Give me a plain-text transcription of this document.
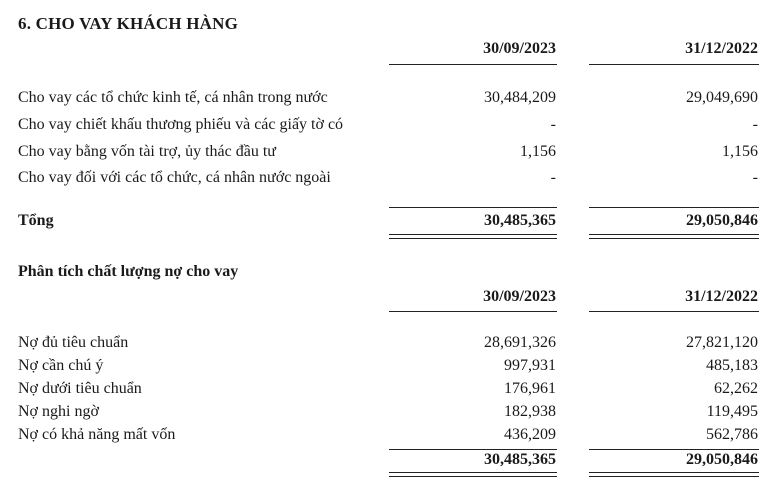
6. CHO VAY KHÁCH HÀNG
30/09/2023	31/12/2022
Cho vay các tổ chức kinh tế, cá nhân trong nước	30,484,209	29,049,690
Cho vay chiết khấu thương phiếu và các giấy tờ có	-	-
Cho vay bằng vốn tài trợ, ủy thác đầu tư	1,156	1,156
Cho vay đối với các tổ chức, cá nhân nước ngoài	-	-
Tổng	30,485,365	29,050,846
Phân tích chất lượng nợ cho vay
30/09/2023	31/12/2022
Nợ đủ tiêu chuẩn	28,691,326	27,821,120
Nợ cần chú ý	997,931	485,183
Nợ dưới tiêu chuẩn	176,961	62,262
Nợ nghi ngờ	182,938	119,495
Nợ có khả năng mất vốn	436,209	562,786
30,485,365	29,050,846
